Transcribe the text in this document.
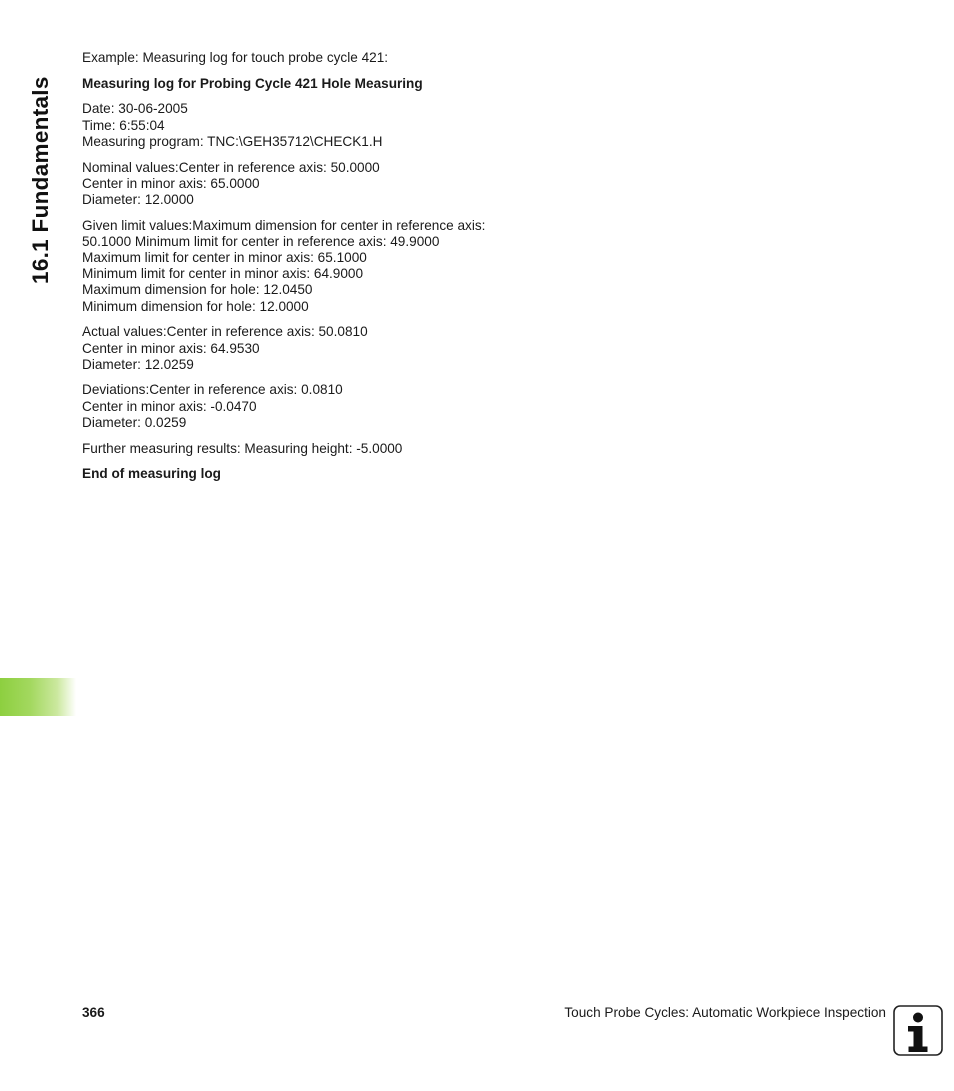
16.1 Fundamentals

Example: Measuring log for touch probe cycle 421:

Measuring log for Probing Cycle 421 Hole Measuring

Date: 30-06-2005

Time: 6:55:04

Measuring program: TNC:\GEH35712\CHECK1.H

Nominal values:Center in reference axis: 50.0000

Center in minor axis: 65.0000

Diameter: 12.0000

Given limit values:Maximum dimension for center in reference axis:

50.1000 Minimum limit for center in reference axis: 49.9000

Maximum limit for center in minor axis: 65.1000

Minimum limit for center in minor axis: 64.9000

Maximum dimension for hole: 12.0450

Minimum dimension for hole: 12.0000

Actual values:Center in reference axis: 50.0810

Center in minor axis: 64.9530

Diameter: 12.0259

Deviations:Center in reference axis: 0.0810

Center in minor axis: -0.0470

Diameter: 0.0259

Further measuring results: Measuring height: -5.0000

End of measuring log

366	Touch Probe Cycles: Automatic Workpiece Inspection
